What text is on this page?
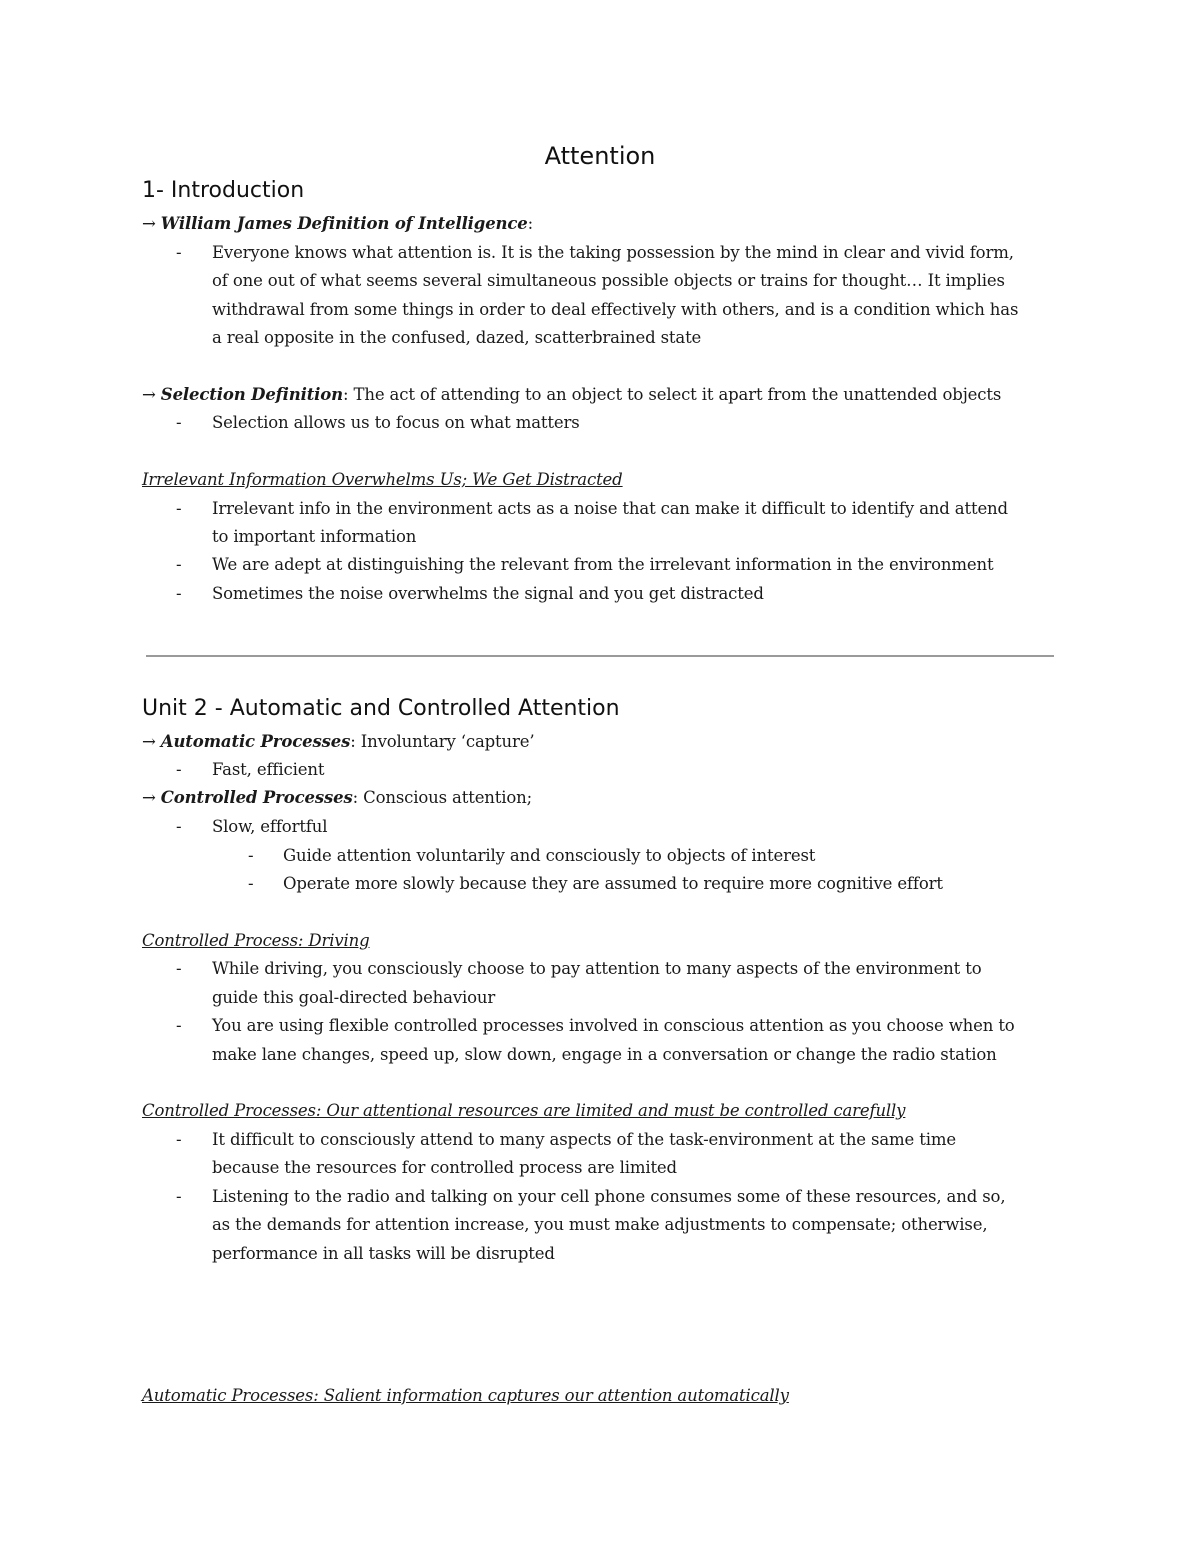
Attention
1- Introduction
→ William James Definition of Intelligence:
- Everyone knows what attention is. It is the taking possession by the mind in clear and vivid form,
of one out of what seems several simultaneous possible objects or trains for thought… It implies
withdrawal from some things in order to deal effectively with others, and is a condition which has
a real opposite in the confused, dazed, scatterbrained state
→ Selection Definition: The act of attending to an object to select it apart from the unattended objects
- Selection allows us to focus on what matters
Irrelevant Information Overwhelms Us; We Get Distracted
- Irrelevant info in the environment acts as a noise that can make it difficult to identify and attend
to important information
- We are adept at distinguishing the relevant from the irrelevant information in the environment
- Sometimes the noise overwhelms the signal and you get distracted
Unit 2 - Automatic and Controlled Attention
→ Automatic Processes: Involuntary ‘capture’
- Fast, efficient
→ Controlled Processes: Conscious attention;
- Slow, effortful
- Guide attention voluntarily and consciously to objects of interest
- Operate more slowly because they are assumed to require more cognitive effort
Controlled Process: Driving
- While driving, you consciously choose to pay attention to many aspects of the environment to
guide this goal-directed behaviour
- You are using flexible controlled processes involved in conscious attention as you choose when to
make lane changes, speed up, slow down, engage in a conversation or change the radio station
Controlled Processes: Our attentional resources are limited and must be controlled carefully
- It difficult to consciously attend to many aspects of the task-environment at the same time
because the resources for controlled process are limited
- Listening to the radio and talking on your cell phone consumes some of these resources, and so,
as the demands for attention increase, you must make adjustments to compensate; otherwise,
performance in all tasks will be disrupted
Automatic Processes: Salient information captures our attention automatically
